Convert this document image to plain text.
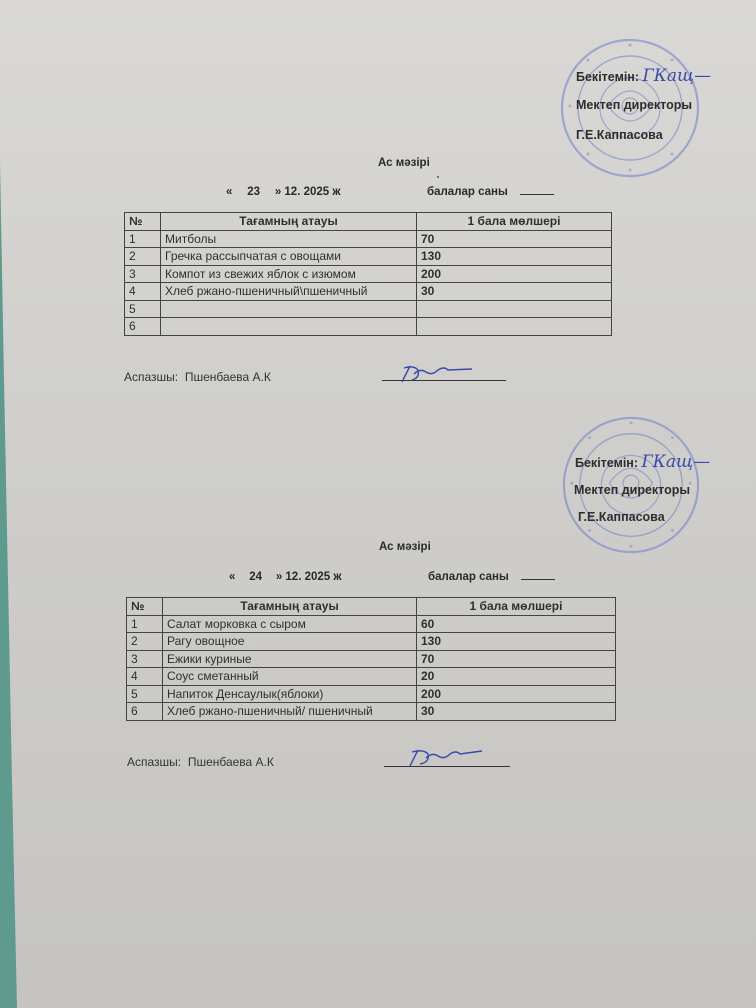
Бекітемін: ГКащ—
Мектеп директоры
Г.Е.Каппасова
Ас мәзірі
« 23 » 12. 2025 ж	балалар саны
№	Тағамның атауы	1 бала мөлшері
1	Митболы	70
2	Гречка рассыпчатая с овощами	130
3	Компот из свежих яблок с изюмом	200
4	Хлеб ржано-пшеничный\пшеничный	30
5		
6		
Аспазшы: Пшенбаева А.К
Бекітемін: ГКащ—
Мектеп директоры
Г.Е.Каппасова
Ас мәзірі
« 24 » 12. 2025 ж	балалар саны
№	Тағамның атауы	1 бала мөлшері
1	Салат морковка с сыром	60
2	Рагу овощное	130
3	Ежики куриные	70
4	Соус сметанный	20
5	Напиток Денсаулык(яблоки)	200
6	Хлеб ржано-пшеничный/ пшеничный	30
Аспазшы: Пшенбаева А.К
